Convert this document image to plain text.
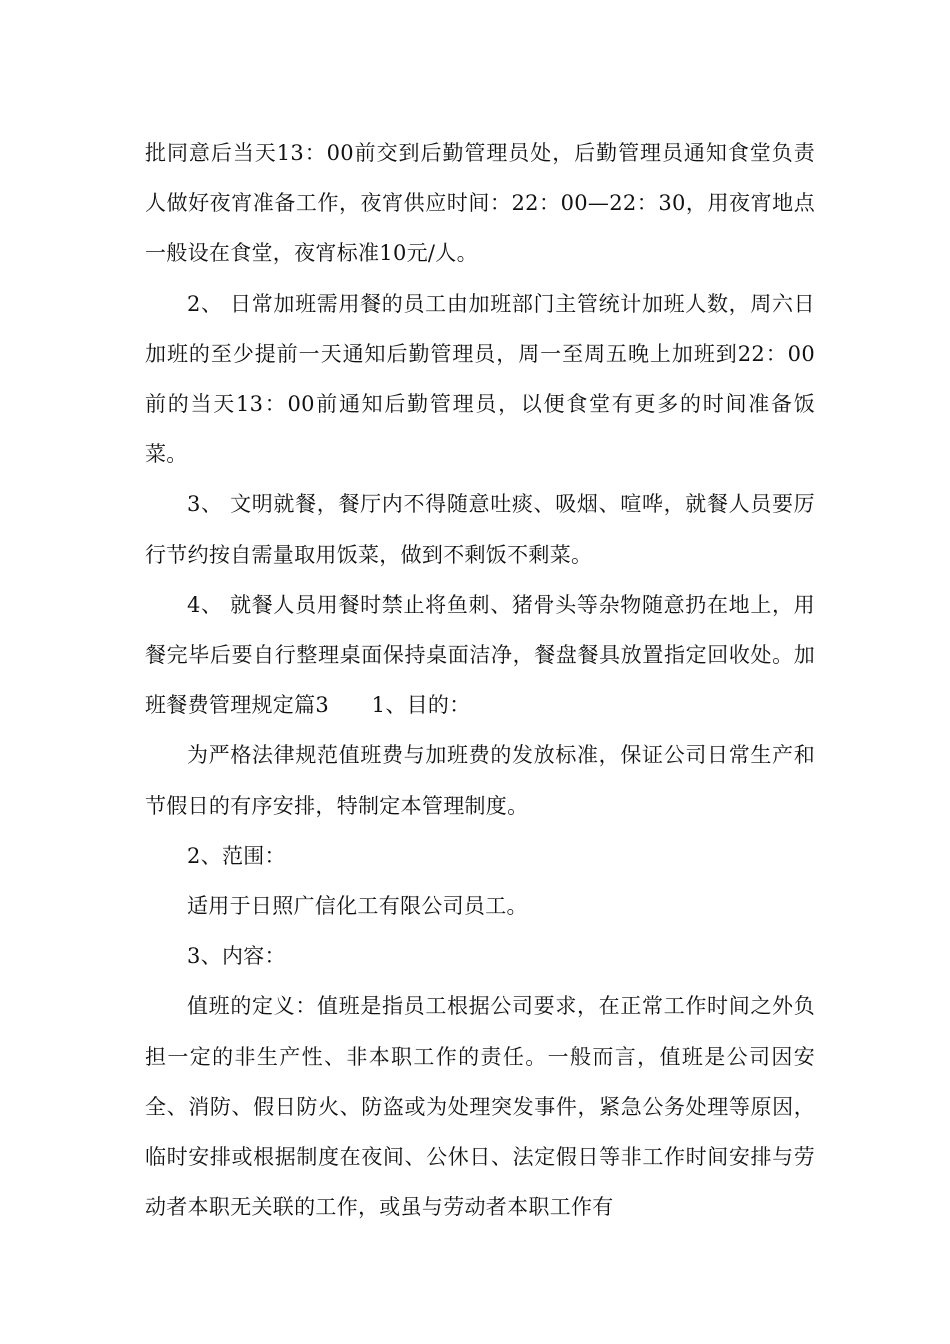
批同意后当天13：00前交到后勤管理员处，后勤管理员通知食堂负责人做好夜宵准备工作，夜宵供应时间：22：00—22：30，用夜宵地点一般设在食堂，夜宵标准10元/人。

2、 日常加班需用餐的员工由加班部门主管统计加班人数，周六日加班的至少提前一天通知后勤管理员，周一至周五晚上加班到22：00前的当天13：00前通知后勤管理员，以便食堂有更多的时间准备饭菜。

3、 文明就餐，餐厅内不得随意吐痰、吸烟、喧哗，就餐人员要厉行节约按自需量取用饭菜，做到不剩饭不剩菜。

4、 就餐人员用餐时禁止将鱼刺、猪骨头等杂物随意扔在地上，用餐完毕后要自行整理桌面保持桌面洁净，餐盘餐具放置指定回收处。加班餐费管理规定篇3　　1、目的：

为严格法律规范值班费与加班费的发放标准，保证公司日常生产和节假日的有序安排，特制定本管理制度。

2、范围：

适用于日照广信化工有限公司员工。

3、内容：

值班的定义：值班是指员工根据公司要求，在正常工作时间之外负担一定的非生产性、非本职工作的责任。一般而言，值班是公司因安全、消防、假日防火、防盗或为处理突发事件，紧急公务处理等原因，临时安排或根据制度在夜间、公休日、法定假日等非工作时间安排与劳动者本职无关联的工作，或虽与劳动者本职工作有
